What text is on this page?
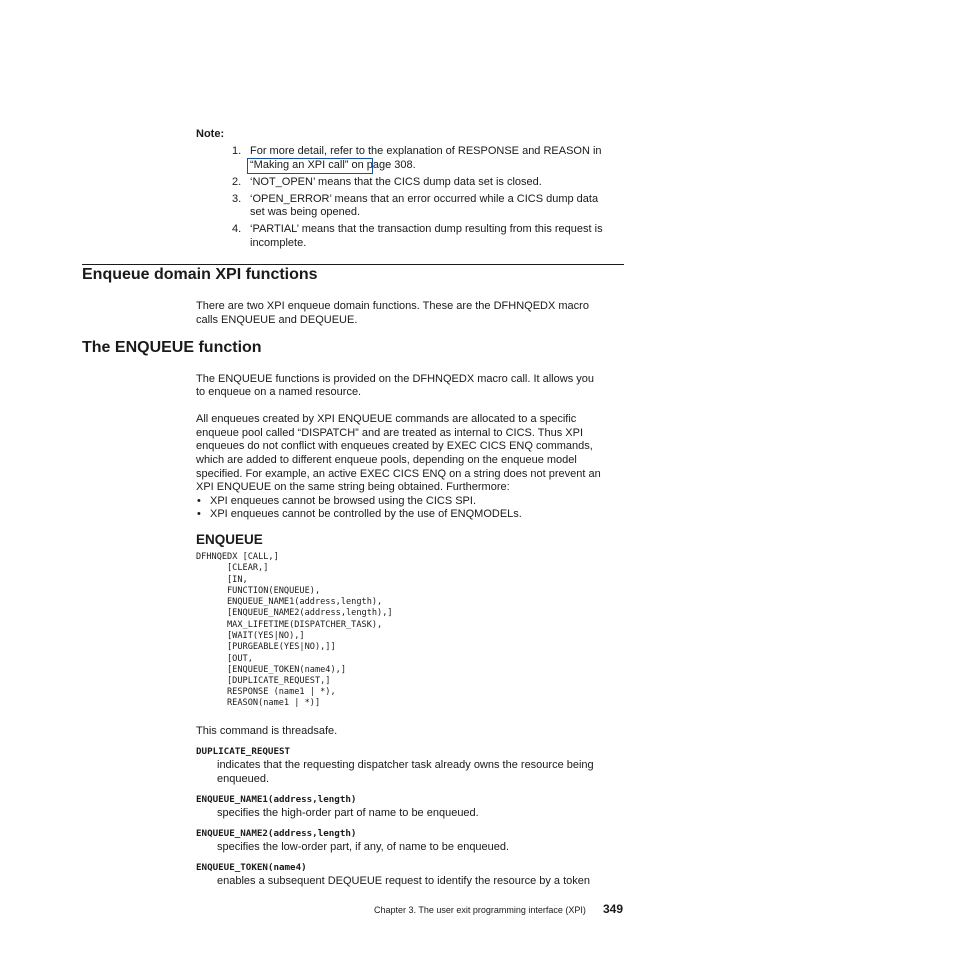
Note:
1. For more detail, refer to the explanation of RESPONSE and REASON in
“Making an XPI call” on page 308.
2. ‘NOT_OPEN’ means that the CICS dump data set is closed.
3. ‘OPEN_ERROR’ means that an error occurred while a CICS dump data
set was being opened.
4. ‘PARTIAL’ means that the transaction dump resulting from this request is
incomplete.
Enqueue domain XPI functions
There are two XPI enqueue domain functions. These are the DFHNQEDX macro
calls ENQUEUE and DEQUEUE.
The ENQUEUE function
The ENQUEUE functions is provided on the DFHNQEDX macro call. It allows you
to enqueue on a named resource.
All enqueues created by XPI ENQUEUE commands are allocated to a specific
enqueue pool called “DISPATCH” and are treated as internal to CICS. Thus XPI
enqueues do not conflict with enqueues created by EXEC CICS ENQ commands,
which are added to different enqueue pools, depending on the enqueue model
specified. For example, an active EXEC CICS ENQ on a string does not prevent an
XPI ENQUEUE on the same string being obtained. Furthermore:
• XPI enqueues cannot be browsed using the CICS SPI.
• XPI enqueues cannot be controlled by the use of ENQMODELs.
ENQUEUE
DFHNQEDX [CALL,]
[CLEAR,]
[IN,
FUNCTION(ENQUEUE),
ENQUEUE_NAME1(address,length),
[ENQUEUE_NAME2(address,length),]
MAX_LIFETIME(DISPATCHER_TASK),
[WAIT(YES|NO),]
[PURGEABLE(YES|NO),]]
[OUT,
[ENQUEUE_TOKEN(name4),]
[DUPLICATE_REQUEST,]
RESPONSE (name1 | *),
REASON(name1 | *)]
This command is threadsafe.
DUPLICATE_REQUEST
indicates that the requesting dispatcher task already owns the resource being
enqueued.
ENQUEUE_NAME1(address,length)
specifies the high-order part of name to be enqueued.
ENQUEUE_NAME2(address,length)
specifies the low-order part, if any, of name to be enqueued.
ENQUEUE_TOKEN(name4)
enables a subsequent DEQUEUE request to identify the resource by a token
Chapter 3. The user exit programming interface (XPI) 349
